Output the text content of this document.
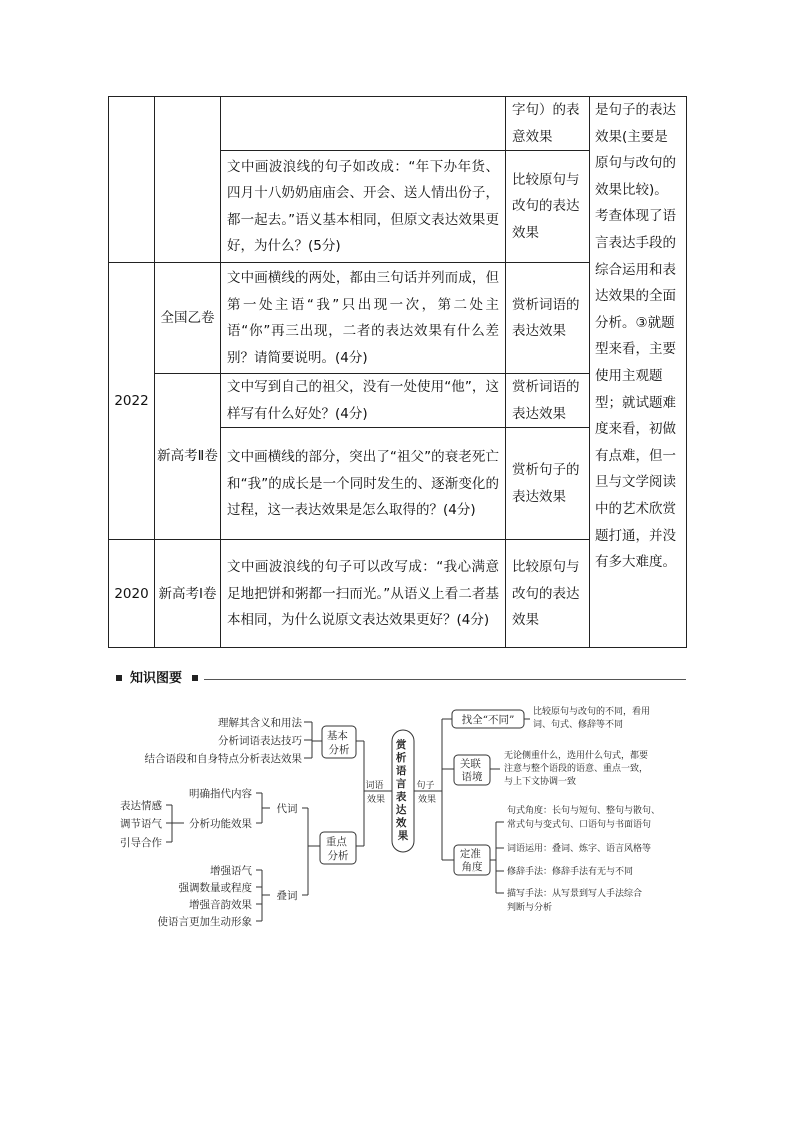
			字句）的表意效果	是句子的表达效果(主要是原句与改句的效果比较)。考查体现了语言表达手段的综合运用和表达效果的全面分析。③就题型来看，主要使用主观题型；就试题难度来看，初做有点难，但一旦与文学阅读中的艺术欣赏题打通，并没有多大难度。
		文中画波浪线的句子如改成：“年下办年货、四月十八奶奶庙庙会、开会、送人情出份子，都一起去。”语义基本相同，但原文表达效果更好，为什么？(5分)	比较原句与改句的表达效果	
2022	全国乙卷	文中画横线的两处，都由三句话并列而成，但第一处主语“我”只出现一次，第二处主语“你”再三出现，二者的表达效果有什么差别？请简要说明。(4分)	赏析词语的表达效果	
	新高考Ⅱ卷	文中写到自己的祖父，没有一处使用“他”，这样写有什么好处？(4分)	赏析词语的表达效果	
		文中画横线的部分，突出了“祖父”的衰老死亡和“我”的成长是一个同时发生的、逐渐变化的过程，这一表达效果是怎么取得的？(4分)	赏析句子的表达效果	
2020	新高考Ⅰ卷	文中画波浪线的句子可以改写成：“我心满意足地把饼和粥都一扫而光。”从语义上看二者基本相同，为什么说原文表达效果更好？(4分)	比较原句与改句的表达效果	
知识图要
赏 析 语 言 表 达 效 果
词语 效果
句子 效果
基本 分析
重点 分析
理解其含义和用法
分析词语表达技巧
结合语段和自身特点分析表达效果
代词
明确指代内容
分析功能效果
表达情感
调节语气
引导合作
叠词
增强语气
强调数量或程度
增强音韵效果
使语言更加生动形象
找全“不同”
关联 语境
定准 角度
比较原句与改句的不同，看用
词、句式、修辞等不同
无论侧重什么，选用什么句式，都要
注意与整个语段的语意、重点一致，
与上下文协调一致
句式角度：长句与短句、整句与散句、
常式句与变式句、口语句与书面语句
词语运用：叠词、炼字、语言风格等
修辞手法：修辞手法有无与不同
描写手法：从写景到写人手法综合
判断与分析
